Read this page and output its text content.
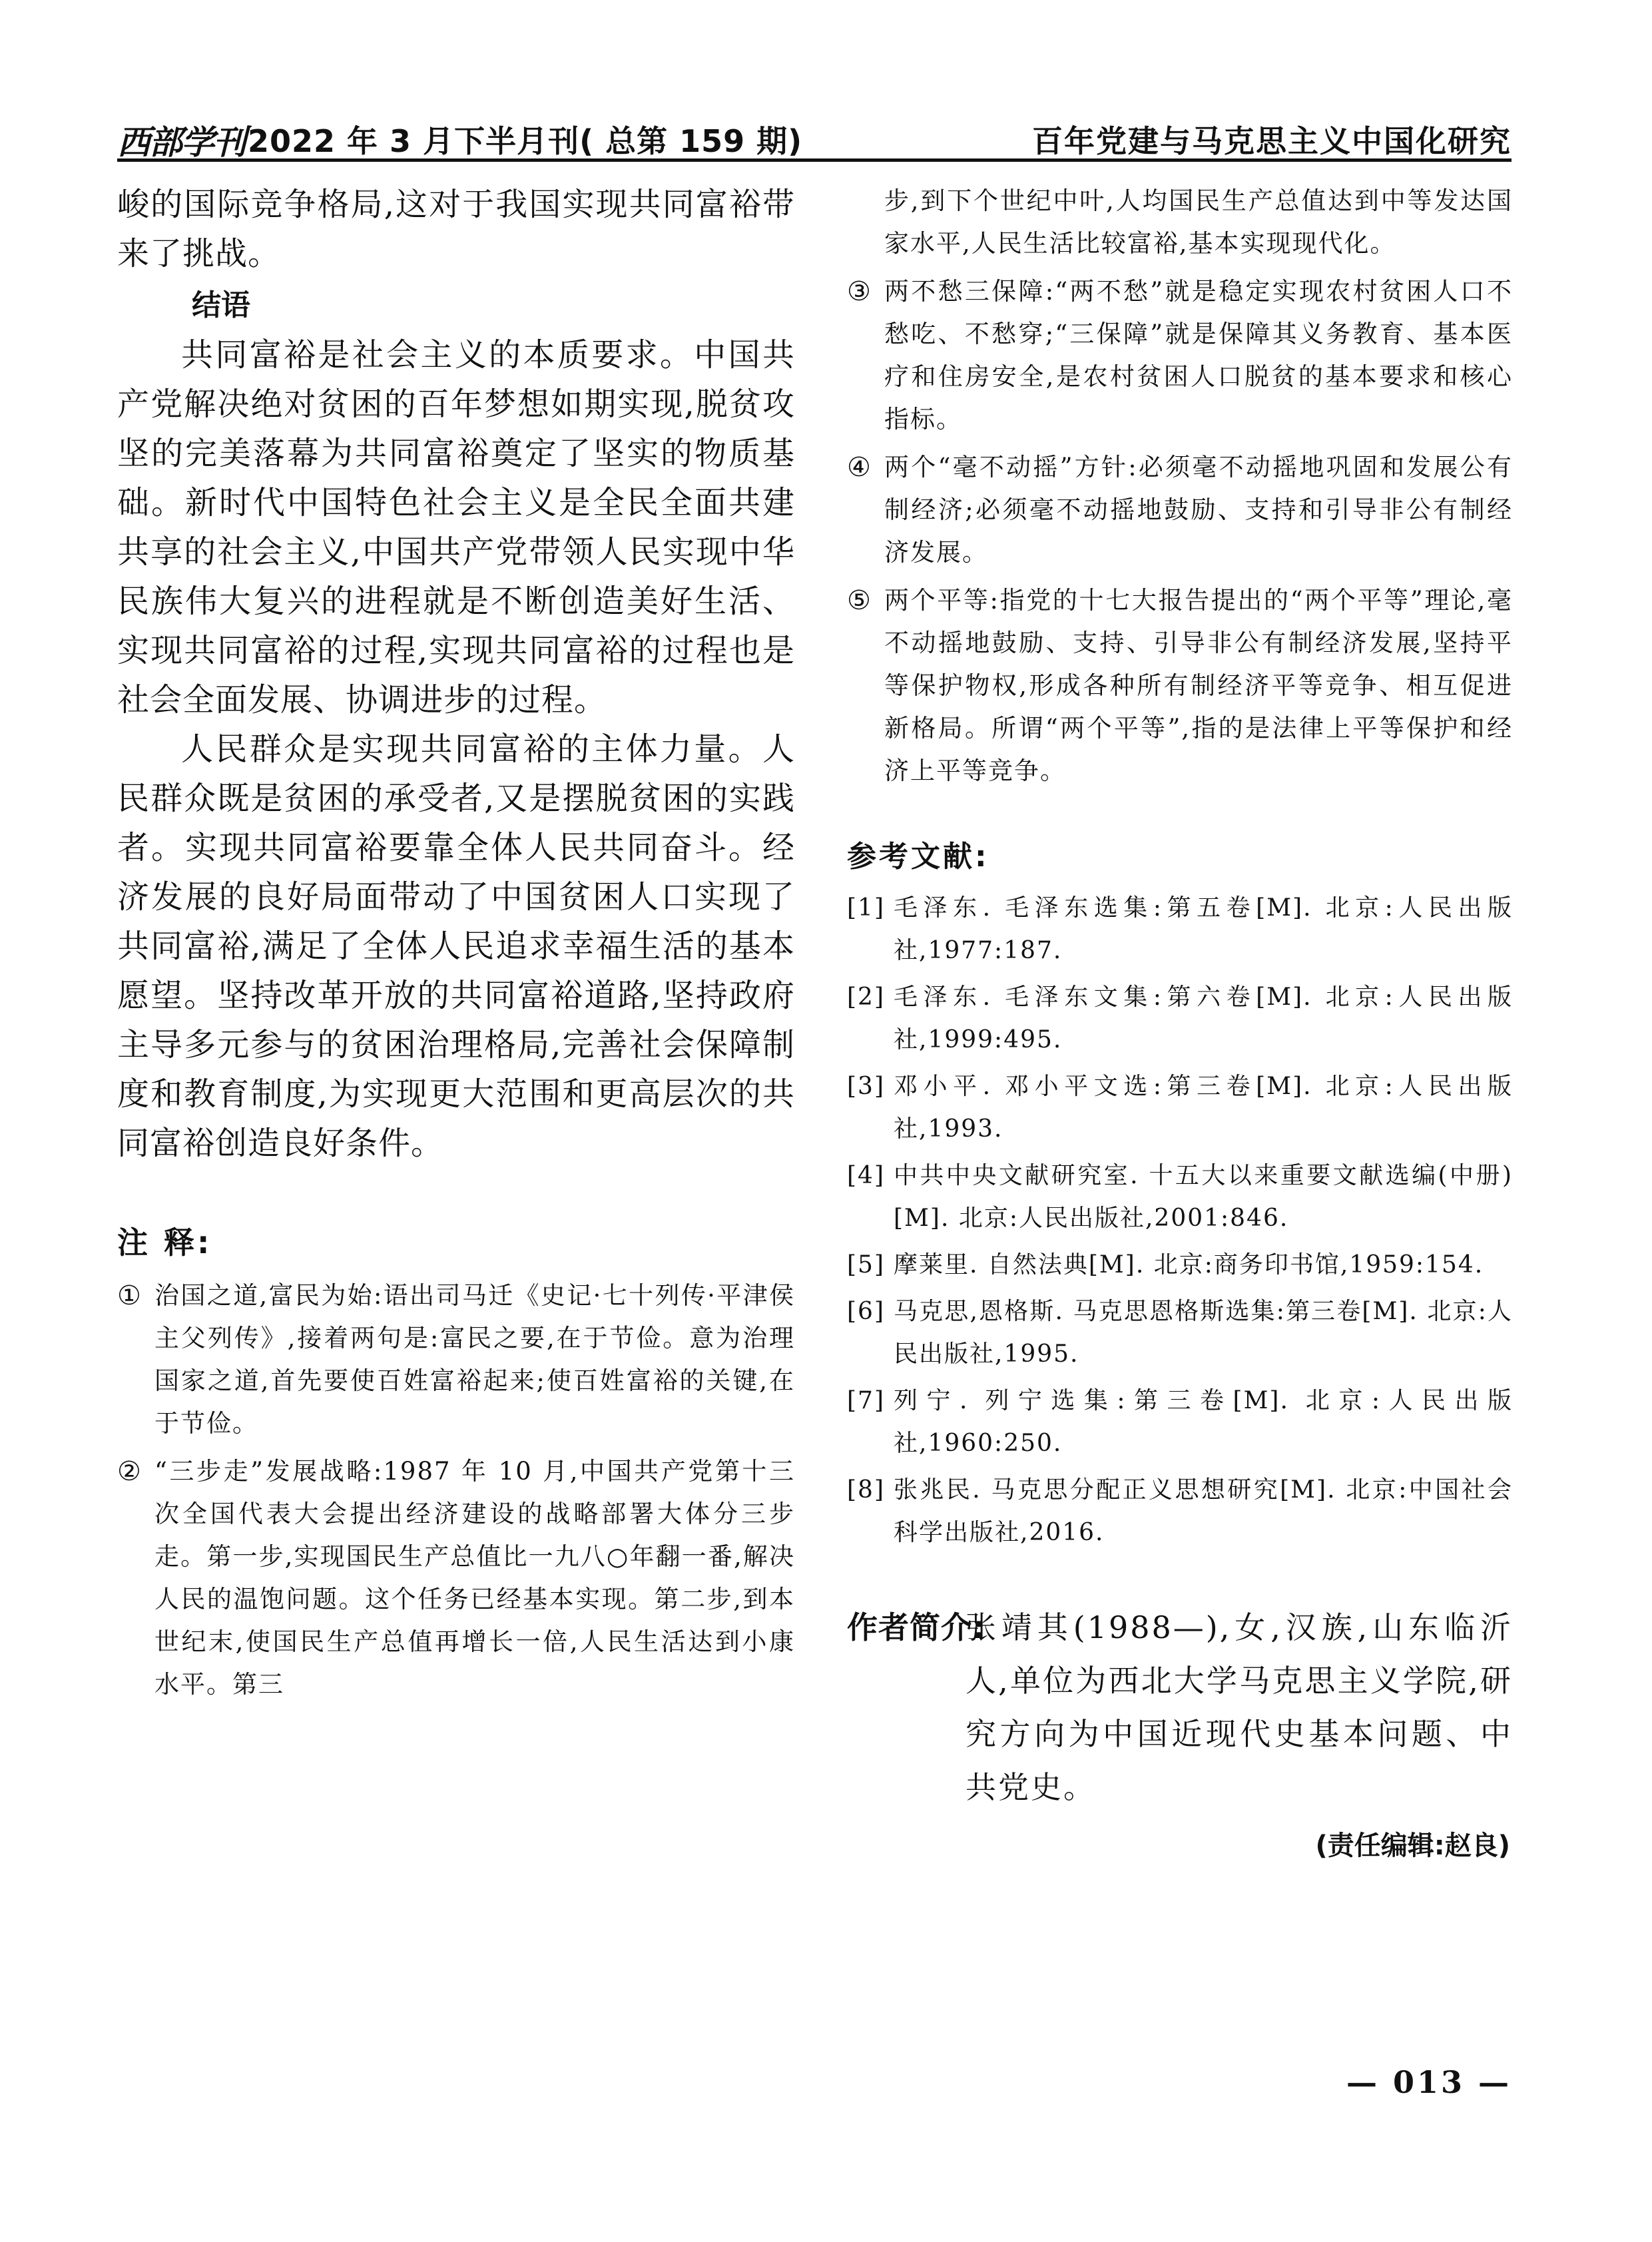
西部学刊 2022 年 3 月下半月刊( 总第 159 期)	百年党建与马克思主义中国化研究

峻的国际竞争格局,这对于我国实现共同富裕带来了挑战。

结语

共同富裕是社会主义的本质要求。中国共产党解决绝对贫困的百年梦想如期实现,脱贫攻坚的完美落幕为共同富裕奠定了坚实的物质基础。新时代中国特色社会主义是全民全面共建共享的社会主义,中国共产党带领人民实现中华民族伟大复兴的进程就是不断创造美好生活、实现共同富裕的过程,实现共同富裕的过程也是社会全面发展、协调进步的过程。

人民群众是实现共同富裕的主体力量。人民群众既是贫困的承受者,又是摆脱贫困的实践者。实现共同富裕要靠全体人民共同奋斗。经济发展的良好局面带动了中国贫困人口实现了共同富裕,满足了全体人民追求幸福生活的基本愿望。坚持改革开放的共同富裕道路,坚持政府主导多元参与的贫困治理格局,完善社会保障制度和教育制度,为实现更大范围和更高层次的共同富裕创造良好条件。

注 释:

① 治国之道,富民为始:语出司马迁《史记·七十列传·平津侯主父列传》,接着两句是:富民之要,在于节俭。意为治理国家之道,首先要使百姓富裕起来;使百姓富裕的关键,在于节俭。
② “三步走”发展战略:1987 年 10 月,中国共产党第十三次全国代表大会提出经济建设的战略部署大体分三步走。第一步,实现国民生产总值比一九八○年翻一番,解决人民的温饱问题。这个任务已经基本实现。第二步,到本世纪末,使国民生产总值再增长一倍,人民生活达到小康水平。第三
步,到下个世纪中叶,人均国民生产总值达到中等发达国家水平,人民生活比较富裕,基本实现现代化。
③ 两不愁三保障:“两不愁”就是稳定实现农村贫困人口不愁吃、不愁穿;“三保障”就是保障其义务教育、基本医疗和住房安全,是农村贫困人口脱贫的基本要求和核心指标。
④ 两个“毫不动摇”方针:必须毫不动摇地巩固和发展公有制经济;必须毫不动摇地鼓励、支持和引导非公有制经济发展。
⑤ 两个平等:指党的十七大报告提出的“两个平等”理论,毫不动摇地鼓励、支持、引导非公有制经济发展,坚持平等保护物权,形成各种所有制经济平等竞争、相互促进新格局。所谓“两个平等”,指的是法律上平等保护和经济上平等竞争。

参考文献:

[1] 毛泽东. 毛泽东选集:第五卷[M]. 北京:人民出版社,1977:187.
[2] 毛泽东. 毛泽东文集:第六卷[M]. 北京:人民出版社,1999:495.
[3] 邓小平. 邓小平文选:第三卷[M]. 北京:人民出版社,1993.
[4] 中共中央文献研究室. 十五大以来重要文献选编(中册)[M]. 北京:人民出版社,2001:846.
[5] 摩莱里. 自然法典[M]. 北京:商务印书馆,1959:154.
[6] 马克思,恩格斯. 马克思恩格斯选集:第三卷[M]. 北京:人民出版社,1995.
[7] 列宁. 列宁选集:第三卷[M]. 北京:人民出版社,1960:250.
[8] 张兆民. 马克思分配正义思想研究[M]. 北京:中国社会科学出版社,2016.
作者简介:
张靖其(1988—),女,汉族,山东临沂人,单位为西北大学马克思主义学院,研究方向为中国近现代史基本问题、中共党史。
(责任编辑:赵良)
— 013 —
